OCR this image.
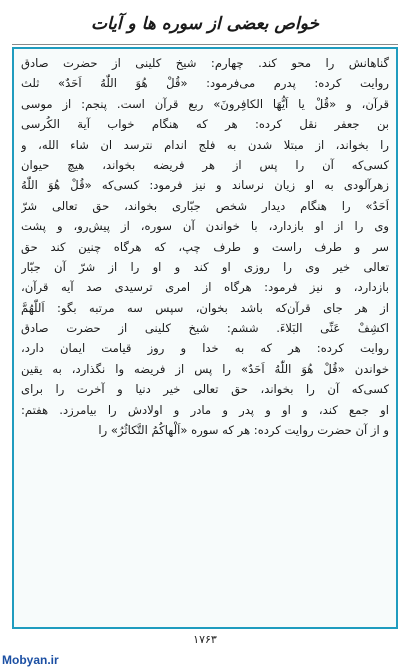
خواص بعضی از سوره ها و آیات
گناهانش را محو کند. چهارم: شیخ کلینی از حضرت صادق
روایت کرده: پدرم می‌فرمود: «قُلْ هُوَ اللّٰهُ اَحَدٌ» ثلث
قرآن، و «قُلْ یا اَیُّهَا الکافِرونَ» ربع قرآن است. پنجم: از موسی
بن جعفر نقل کرده: هر که هنگام خواب آیة الکُرسی
را بخواند، از مبتلا شدن به فلج اندام نترسد ان شاء الله، و
کسی‌که آن را پس از هر فریضه بخواند، هیچ حیوان
زهرآلودی به او زیان نرساند و نیز فرمود: کسی‌که «قُلْ هُوَ اللّٰهُ
اَحَدٌ» را هنگام دیدار شخص جبّاری بخواند، حق تعالی شرّ
وی را از او بازدارد، با خواندن آن سوره، از پیش‌رو، و پشت
سر و طرف راست و طرف چپ، که هرگاه چنین کند حق
تعالی خیر وی را روزی او کند و او را از شرّ آن جبّار
بازدارد، و نیز فرمود: هرگاه از امری ترسیدی صد آیه قرآن،
از هر جای قرآن‌که باشد بخوان، سپس سه مرتبه بگو: اَللّٰهُمَّ
اکشِفْ عَنِّی البَلاءَ. ششم: شیخ کلینی از حضرت صادق
روایت کرده: هر که به خدا و روز قیامت ایمان دارد،
خواندن «قُلْ هُوَ اللّٰهُ اَحَدٌ» را پس از فریضه وا نگذارد، به یقین
کسی‌که آن را بخواند، حق تعالی خیر دنیا و آخرت را برای
او جمع کند، و او و پدر و مادر و اولادش را بیامرزد. هفتم:
و از آن حضرت روایت کرده: هر که سوره «اَلْهاکُمُ التَّکاثُرُ» را
۱۷۶۳
Mobyan.ir
